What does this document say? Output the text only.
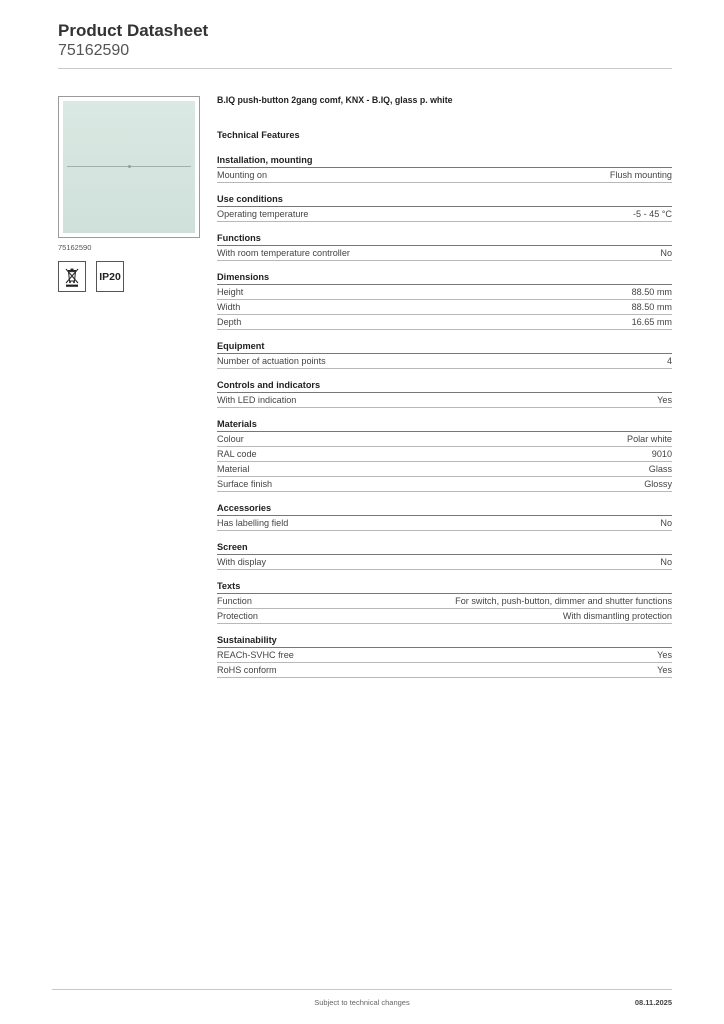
Product Datasheet
75162590
75162590
IP20
B.IQ push-button 2gang comf, KNX - B.IQ, glass p. white
Technical Features
Installation, mounting
Mounting on	Flush mounting
Use conditions
Operating temperature	-5 - 45 °C
Functions
With room temperature controller	No
Dimensions
Height	88.50 mm
Width	88.50 mm
Depth	16.65 mm
Equipment
Number of actuation points	4
Controls and indicators
With LED indication	Yes
Materials
Colour	Polar white
RAL code	9010
Material	Glass
Surface finish	Glossy
Accessories
Has labelling field	No
Screen
With display	No
Texts
Function	For switch, push-button, dimmer and shutter functions
Protection	With dismantling protection
Sustainability
REACh-SVHC free	Yes
RoHS conform	Yes
Subject to technical changes	08.11.2025
